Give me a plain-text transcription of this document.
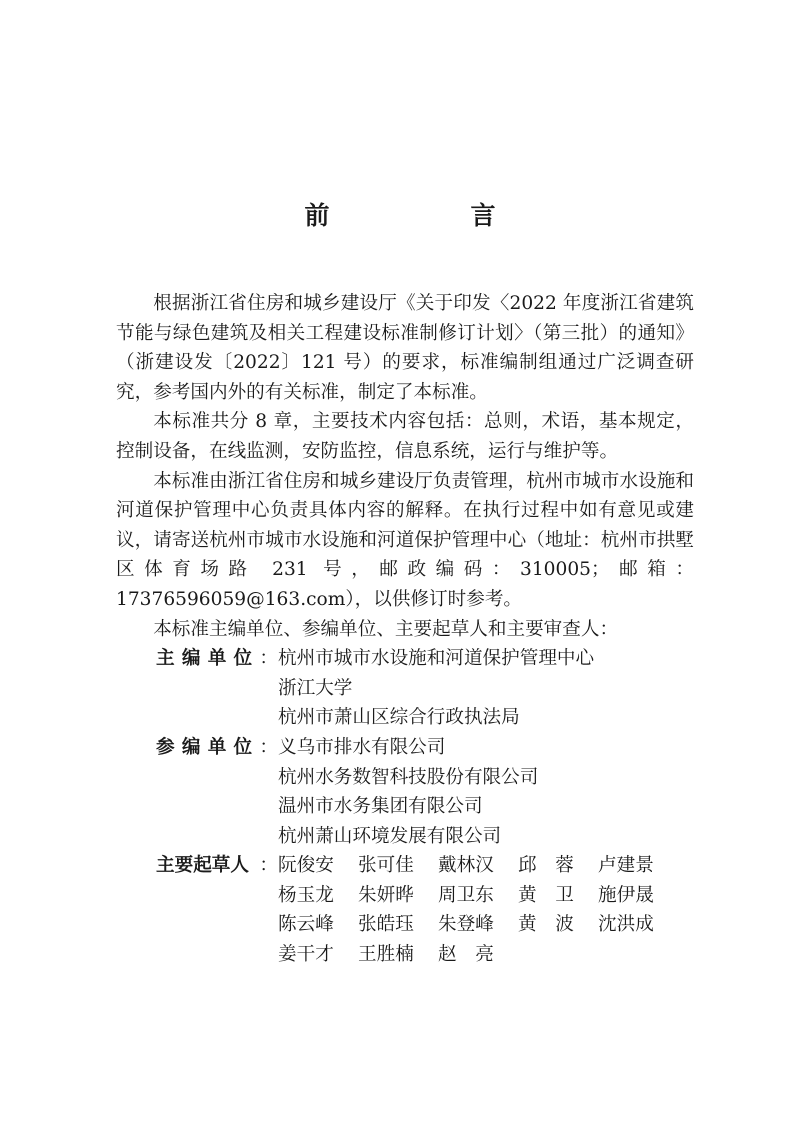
前　言

根据浙江省住房和城乡建设厅《关于印发〈2022 年度浙江省建筑节能与绿色建筑及相关工程建设标准制修订计划〉（第三批）的通知》（浙建设发〔2022〕121 号）的要求，标准编制组通过广泛调查研究，参考国内外的有关标准，制定了本标准。

本标准共分 8 章，主要技术内容包括：总则，术语，基本规定，控制设备，在线监测，安防监控，信息系统，运行与维护等。

本标准由浙江省住房和城乡建设厅负责管理，杭州市城市水设施和河道保护管理中心负责具体内容的解释。在执行过程中如有意见或建议，请寄送杭州市城市水设施和河道保护管理中心（地址：杭州市拱墅区体育场路 231 号，邮政编码：310005；邮箱：17376596059@163.com），以供修订时参考。

本标准主编单位、参编单位、主要起草人和主要审查人：

主 编 单 位 ： 杭州市城市水设施和河道保护管理中心
浙江大学
杭州市萧山区综合行政执法局
参 编 单 位 ： 义乌市排水有限公司
杭州水务数智科技股份有限公司
温州市水务集团有限公司
杭州萧山环境发展有限公司
主要起草人 ： 阮俊安	张可佳	戴林汉	邱　蓉	卢建景
杨玉龙	朱妍晔	周卫东	黄　卫	施伊晟
陈云峰	张皓珏	朱登峰	黄　波	沈洪成
姜干才	王胜楠	赵　亮
